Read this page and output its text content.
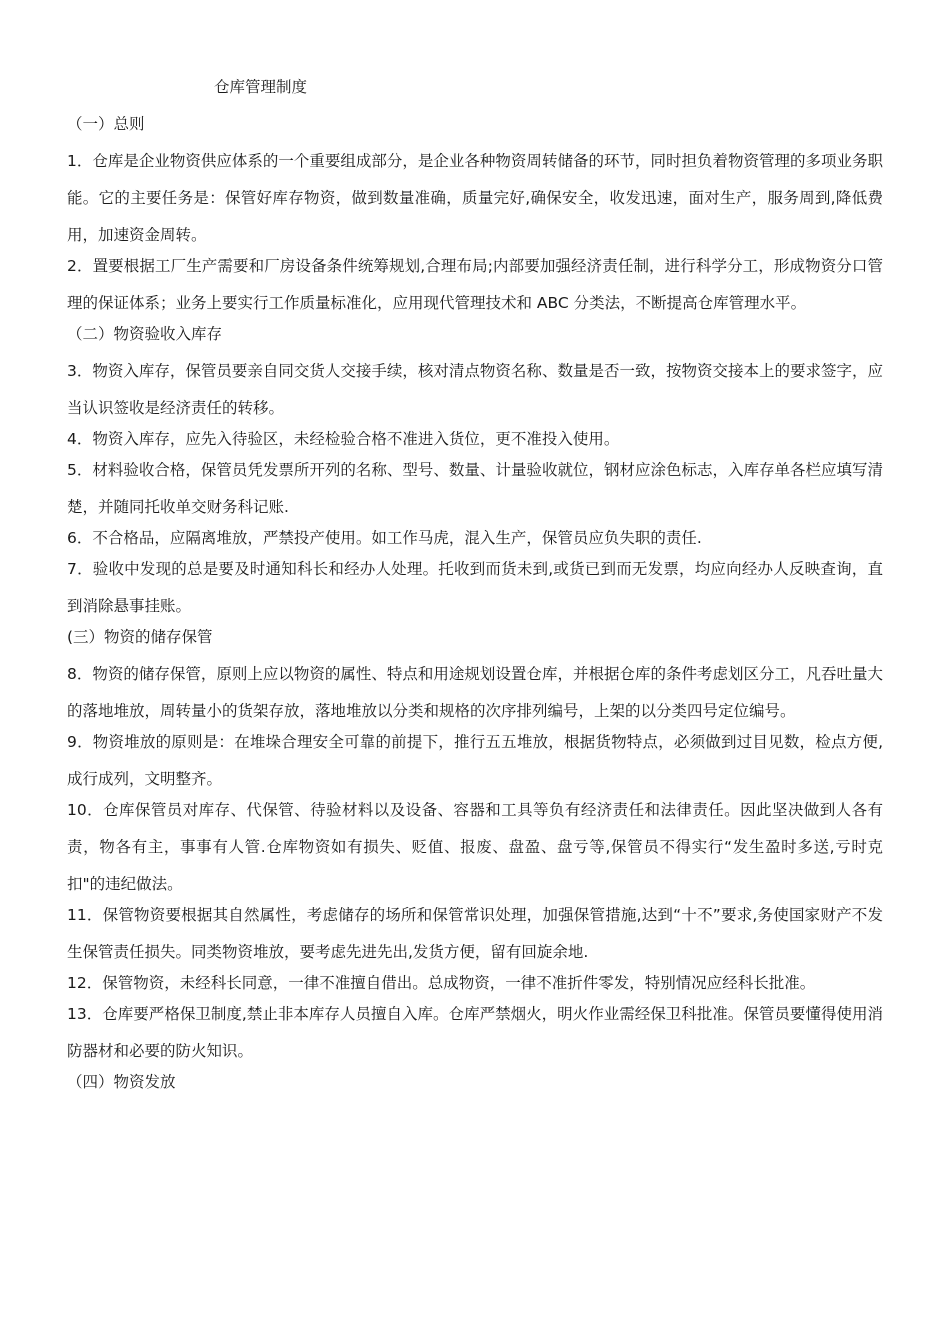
仓库管理制度
（一）总则

1．仓库是企业物资供应体系的一个重要组成部分，是企业各种物资周转储备的环节，同时担负着物资管理的多项业务职能。它的主要任务是：保管好库存物资，做到数量准确，质量完好,确保安全，收发迅速，面对生产，服务周到,降低费用，加速资金周转。

2．置要根据工厂生产需要和厂房设备条件统筹规划,合理布局;内部要加强经济责任制，进行科学分工，形成物资分口管理的保证体系；业务上要实行工作质量标准化，应用现代管理技术和 ABC 分类法，不断提高仓库管理水平。

（二）物资验收入库存

3．物资入库存，保管员要亲自同交货人交接手续，核对清点物资名称、数量是否一致，按物资交接本上的要求签字，应当认识签收是经济责任的转移。

4．物资入库存，应先入待验区，未经检验合格不准进入货位，更不准投入使用。

5．材料验收合格，保管员凭发票所开列的名称、型号、数量、计量验收就位，钢材应涂色标志，入库存单各栏应填写清楚，并随同托收单交财务科记账.

6．不合格品，应隔离堆放，严禁投产使用。如工作马虎，混入生产，保管员应负失职的责任.

7．验收中发现的总是要及时通知科长和经办人处理。托收到而货未到,或货已到而无发票，均应向经办人反映查询，直到消除悬事挂账。

(三）物资的储存保管

8．物资的储存保管，原则上应以物资的属性、特点和用途规划设置仓库，并根据仓库的条件考虑划区分工，凡吞吐量大的落地堆放，周转量小的货架存放，落地堆放以分类和规格的次序排列编号，上架的以分类四号定位编号。

9．物资堆放的原则是：在堆垛合理安全可靠的前提下，推行五五堆放，根据货物特点，必须做到过目见数，检点方便,成行成列，文明整齐。

10．仓库保管员对库存、代保管、待验材料以及设备、容器和工具等负有经济责任和法律责任。因此坚决做到人各有责，物各有主，事事有人管.仓库物资如有损失、贬值、报废、盘盈、盘亏等,保管员不得实行“发生盈时多送,亏时克扣"的违纪做法。

11．保管物资要根据其自然属性，考虑储存的场所和保管常识处理，加强保管措施,达到“十不”要求,务使国家财产不发生保管责任损失。同类物资堆放，要考虑先进先出,发货方便，留有回旋余地.

12．保管物资，未经科长同意，一律不准擅自借出。总成物资，一律不准折件零发，特别情况应经科长批准。

13．仓库要严格保卫制度,禁止非本库存人员擅自入库。仓库严禁烟火，明火作业需经保卫科批准。保管员要懂得使用消防器材和必要的防火知识。

（四）物资发放
